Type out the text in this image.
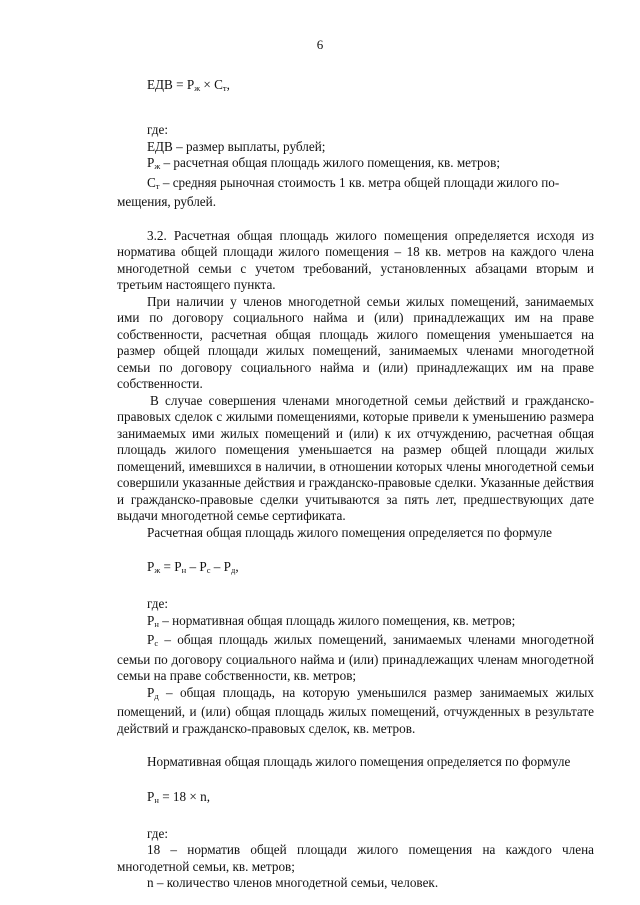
6

ЕДВ = $Р_ж \times С_т$,

где:

ЕДВ – размер выплаты, рублей;

$Р_ж$ – расчетная общая площадь жилого помещения, кв. метров;

$С_т$ – средняя рыночная стоимость 1 кв. метра общей площади жилого по-

мещения, рублей.

3.2. Расчетная общая площадь жилого помещения определяется исходя из норматива общей площади жилого помещения – 18 кв. метров на каждого члена многодетной семьи с учетом требований, установленных абзацами вторым и третьим настоящего пункта.

При наличии у членов многодетной семьи жилых помещений, занимаемых ими по договору социального найма и (или) принадлежащих им на праве собственности, расчетная общая площадь жилого помещения уменьшается на размер общей площади жилых помещений, занимаемых членами многодетной семьи по договору социального найма и (или) принадлежащих им на праве собственности.

В случае совершения членами многодетной семьи действий и гражданско-правовых сделок с жилыми помещениями, которые привели к уменьшению размера занимаемых ими жилых помещений и (или) к их отчуждению, расчетная общая площадь жилого помещения уменьшается на размер общей площади жилых помещений, имевшихся в наличии, в отношении которых члены многодетной семьи совершили указанные действия и гражданско-правовые сделки. Указанные действия и гражданско-правовые сделки учитываются за пять лет, предшествующих дате выдачи многодетной семье сертификата.

Расчетная общая площадь жилого помещения определяется по формуле

$Р_ж = Р_н - Р_с - Р_д$,

где:

$Р_н$ – нормативная общая площадь жилого помещения, кв. метров;

$Р_с$ – общая площадь жилых помещений, занимаемых членами многодетной семьи по договору социального найма и (или) принадлежащих членам многодетной семьи на праве собственности, кв. метров;

$Р_д$ – общая площадь, на которую уменьшился размер занимаемых жилых помещений, и (или) общая площадь жилых помещений, отчужденных в результате действий и гражданско-правовых сделок, кв. метров.

Нормативная общая площадь жилого помещения определяется по формуле

$Р_н = 18 \times n$,

где:

18 – норматив общей площади жилого помещения на каждого члена многодетной семьи, кв. метров;

n – количество членов многодетной семьи, человек.
